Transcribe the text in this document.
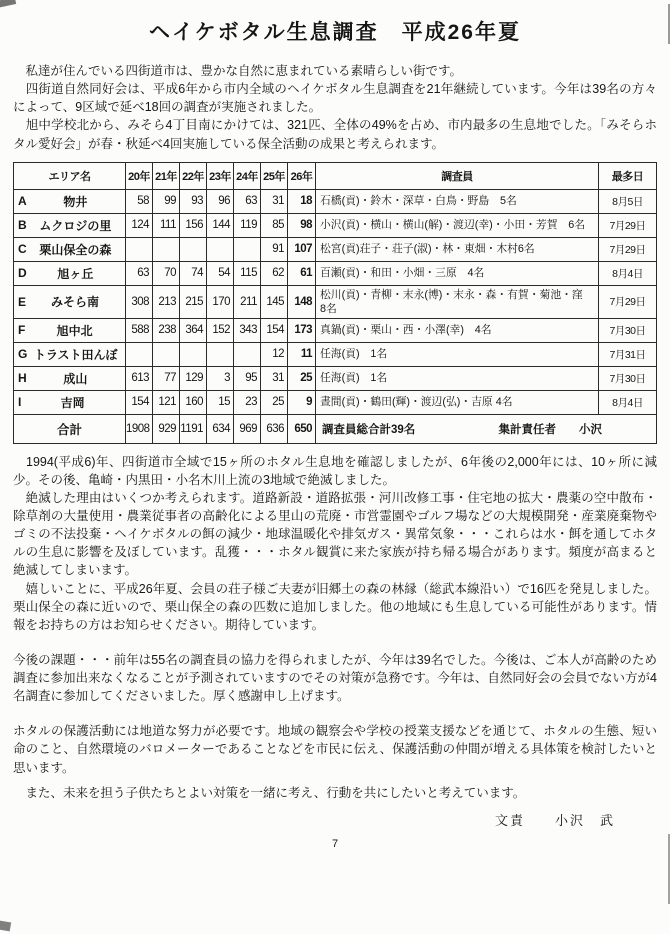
ヘイケボタル生息調査　平成26年夏

　私達が住んでいる四街道市は、豊かな自然に恵まれている素晴らしい街です。

　四街道自然同好会は、平成6年から市内全域のヘイケボタル生息調査を21年継続しています。今年は39名の方々によって、9区域で延べ18回の調査が実施されました。

　旭中学校北から、みそら4丁目南にかけては、321匹、全体の49%を占め、市内最多の生息地でした。「みそらホタル愛好会」が春・秋延べ4回実施している保全活動の成果と考えられます。

エリア名	20年	21年	22年	23年	24年	25年	26年	調査員	最多日

A 物井	58	99	93	96	63	31	18	石橋(貢)・鈴木・深草・白鳥・野島　5名	8月5日

B ムクロジの里	124	111	156	144	119	85	98	小沢(貢)・横山・横山(解)・渡辺(幸)・小田・芳賀　6名	7月29日

C 栗山保全の森						91	107	松宮(貢)荘子・荘子(淑)・林・東畑・木村6名	7月29日

D 旭ヶ丘	63	70	74	54	115	62	61	百瀬(貢)・和田・小畑・三原　4名	8月4日

E みそら南	308	213	215	170	211	145	148	松川(貢)・青柳・末永(博)・末永・森・有賀・菊池・窪　8名	7月29日

F 旭中北	588	238	364	152	343	154	173	真鍋(貢)・栗山・西・小澤(幸)　4名	7月30日

G トラスト田んぼ						12	11	任海(貢)　1名	7月31日

H 成山	613	77	129	3	95	31	25	任海(貢)　1名	7月30日

I 吉岡	154	121	160	15	23	25	9	晝間(貢)・鶴田(輝)・渡辺(弘)・吉原 4名	8月4日
合計	1908	929	1191	634	969	636	650	調査員総合計39名 集計責任者　　小沢	

　1994(平成6)年、四街道市全域で15ヶ所のホタル生息地を確認しましたが、6年後の2,000年には、10ヶ所に減少。その後、亀崎・内黒田・小名木川上流の3地域で絶滅しました。

　絶滅した理由はいくつか考えられます。道路新設・道路拡張・河川改修工事・住宅地の拡大・農薬の空中散布・除草剤の大量使用・農業従事者の高齢化による里山の荒廃・市営霊園やゴルフ場などの大規模開発・産業廃棄物やゴミの不法投棄・ヘイケボタルの餌の減少・地球温暖化や排気ガス・異常気象・・・これらは水・餌を通してホタルの生息に影響を及ぼしています。乱獲・・・ホタル観賞に来た家族が持ち帰る場合があります。頻度が高まると絶滅してしまいます。

　嬉しいことに、平成26年夏、会員の荘子様ご夫妻が旧郷土の森の林縁（総武本線沿い）で16匹を発見しました。栗山保全の森に近いので、栗山保全の森の匹数に追加しました。他の地域にも生息している可能性があります。情報をお持ちの方はお知らせください。期待しています。

今後の課題・・・前年は55名の調査員の協力を得られましたが、今年は39名でした。今後は、ご本人が高齢のため調査に参加出来なくなることが予測されていますのでその対策が急務です。今年は、自然同好会の会員でない方が4名調査に参加してくださいました。厚く感謝申し上げます。

ホタルの保護活動には地道な努力が必要です。地域の観察会や学校の授業支援などを通じて、ホタルの生態、短い命のこと、自然環境のバロメーターであることなどを市民に伝え、保護活動の仲間が増える具体策を検討したいと思います。

　また、未来を担う子供たちとよい対策を一緒に考え、行動を共にしたいと考えています。

文責　　小沢　武
7
